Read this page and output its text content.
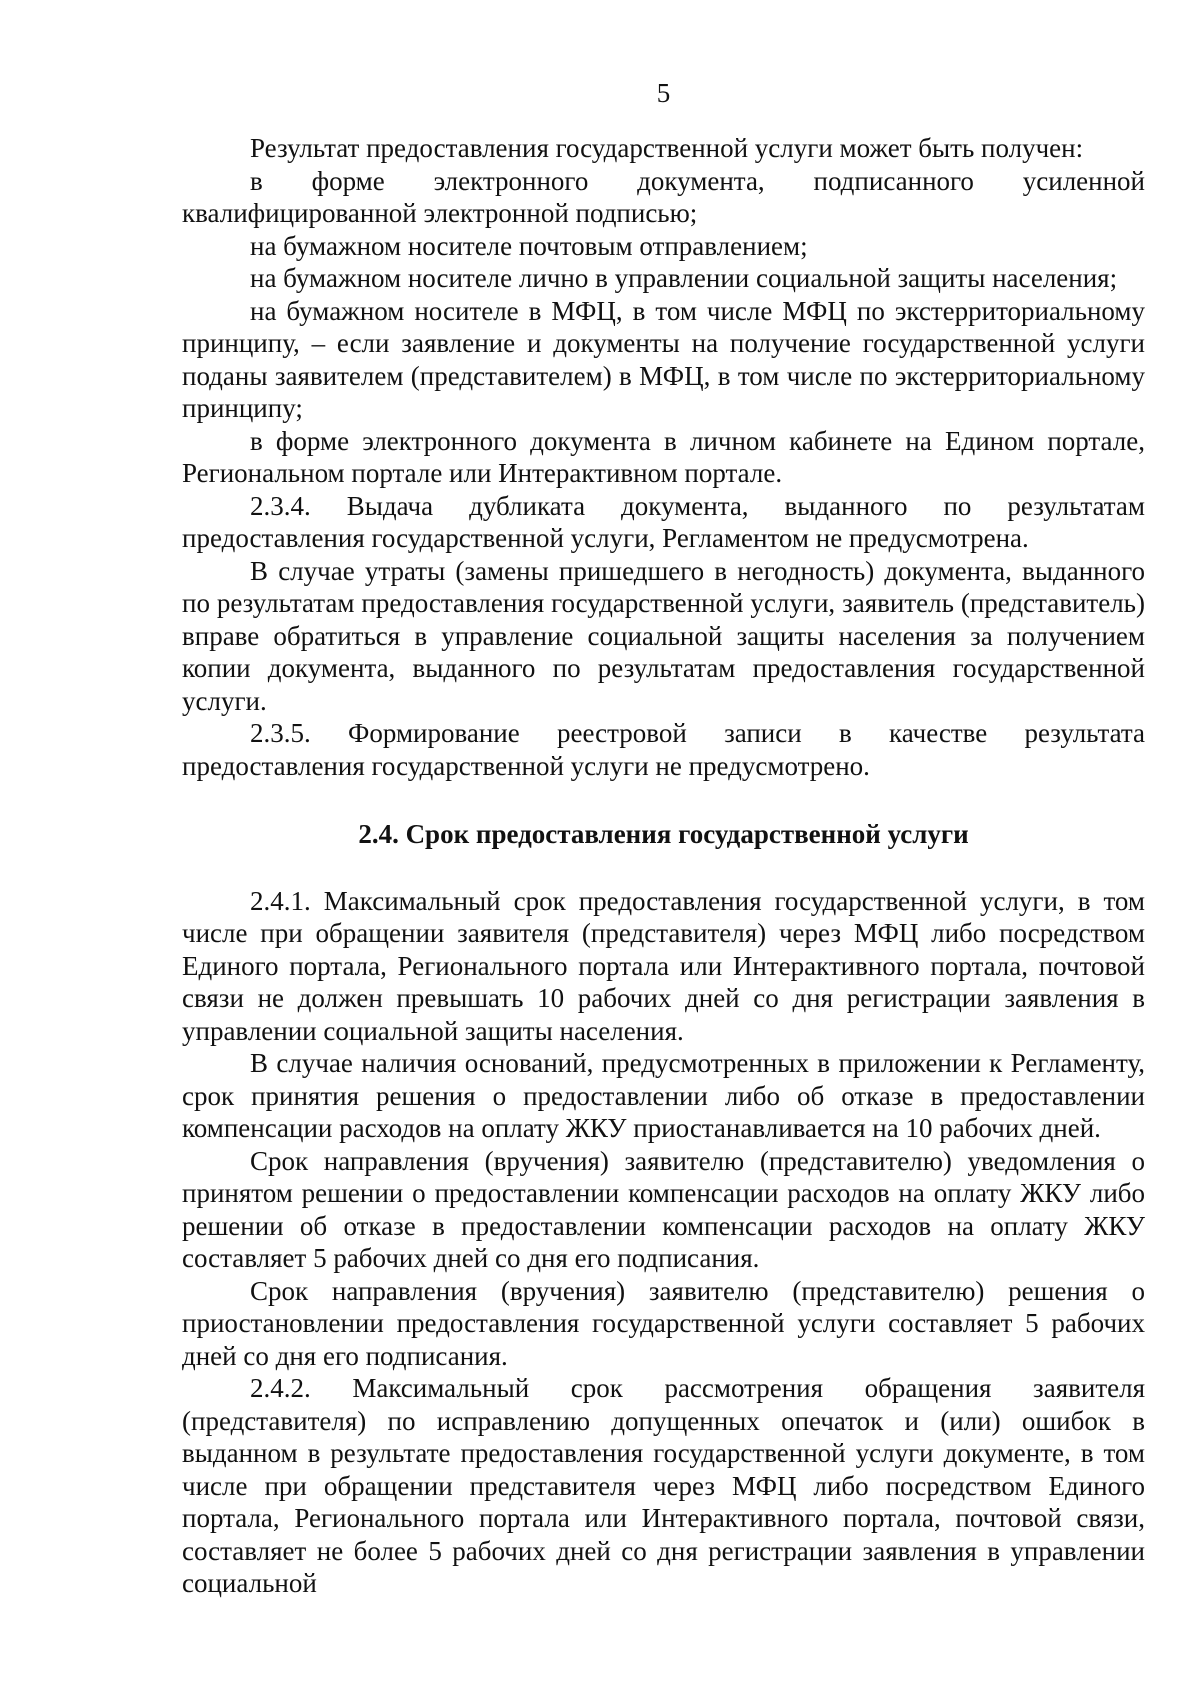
5

Результат предоставления государственной услуги может быть получен:

в форме электронного документа, подписанного усиленной квалифицированной электронной подписью;

на бумажном носителе почтовым отправлением;

на бумажном носителе лично в управлении социальной защиты населения;

на бумажном носителе в МФЦ, в том числе МФЦ по экстерриториальному принципу, – если заявление и документы на получение государственной услуги поданы заявителем (представителем) в МФЦ, в том числе по экстерриториальному принципу;

в форме электронного документа в личном кабинете на Едином портале, Региональном портале или Интерактивном портале.

2.3.4. Выдача дубликата документа, выданного по результатам предоставления государственной услуги, Регламентом не предусмотрена.

В случае утраты (замены пришедшего в негодность) документа, выданного по результатам предоставления государственной услуги, заявитель (представитель) вправе обратиться в управление социальной защиты населения за получением копии документа, выданного по результатам предоставления государственной услуги.

2.3.5. Формирование реестровой записи в качестве результата предоставления государственной услуги не предусмотрено.

2.4. Срок предоставления государственной услуги

2.4.1. Максимальный срок предоставления государственной услуги, в том числе при обращении заявителя (представителя) через МФЦ либо посредством Единого портала, Регионального портала или Интерактивного портала, почтовой связи не должен превышать 10 рабочих дней со дня регистрации заявления в управлении социальной защиты населения.

В случае наличия оснований, предусмотренных в приложении к Регламенту, срок принятия решения о предоставлении либо об отказе в предоставлении компенсации расходов на оплату ЖКУ приостанавливается на 10 рабочих дней.

Срок направления (вручения) заявителю (представителю) уведомления о принятом решении о предоставлении компенсации расходов на оплату ЖКУ либо решении об отказе в предоставлении компенсации расходов на оплату ЖКУ составляет 5 рабочих дней со дня его подписания.

Срок направления (вручения) заявителю (представителю) решения о приостановлении предоставления государственной услуги составляет 5 рабочих дней со дня его подписания.

2.4.2. Максимальный срок рассмотрения обращения заявителя (представителя) по исправлению допущенных опечаток и (или) ошибок в выданном в результате предоставления государственной услуги документе, в том числе при обращении представителя через МФЦ либо посредством Единого портала, Регионального портала или Интерактивного портала, почтовой связи, составляет не более 5 рабочих дней со дня регистрации заявления в управлении социальной
